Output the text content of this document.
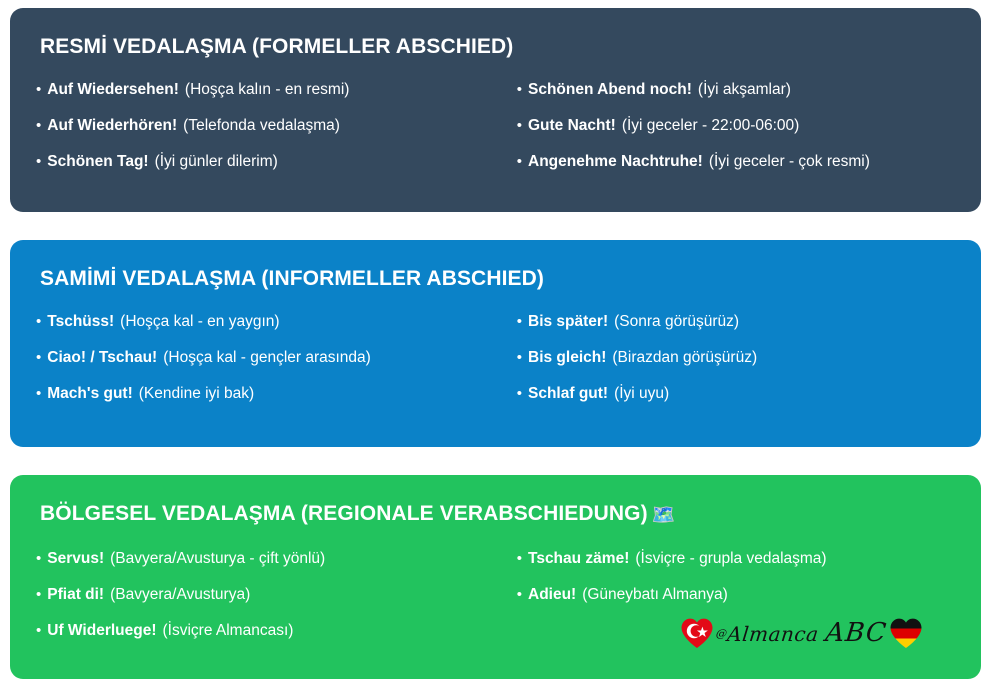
RESMİ VEDALAŞMA (FORMELLER ABSCHIED)
• Auf Wiedersehen! (Hoşça kalın - en resmi)
• Auf Wiederhören! (Telefonda vedalaşma)
• Schönen Tag! (İyi günler dilerim)
• Schönen Abend noch! (İyi akşamlar)
• Gute Nacht! (İyi geceler - 22:00-06:00)
• Angenehme Nachtruhe! (İyi geceler - çok resmi)
SAMİMİ VEDALAŞMA (INFORMELLER ABSCHIED)
• Tschüss! (Hoşça kal - en yaygın)
• Ciao! / Tschau! (Hoşça kal - gençler arasında)
• Mach's gut! (Kendine iyi bak)
• Bis später! (Sonra görüşürüz)
• Bis gleich! (Birazdan görüşürüz)
• Schlaf gut! (İyi uyu)
BÖLGESEL VEDALAŞMA (REGIONALE VERABSCHIEDUNG) 🗺️
• Servus! (Bavyera/Avusturya - çift yönlü)
• Pfiat di! (Bavyera/Avusturya)
• Uf Widerluege! (İsviçre Almancası)
• Tschau zäme! (İsviçre - grupla vedalaşma)
• Adieu! (Güneybatı Almanya)
@Almanca ABC
